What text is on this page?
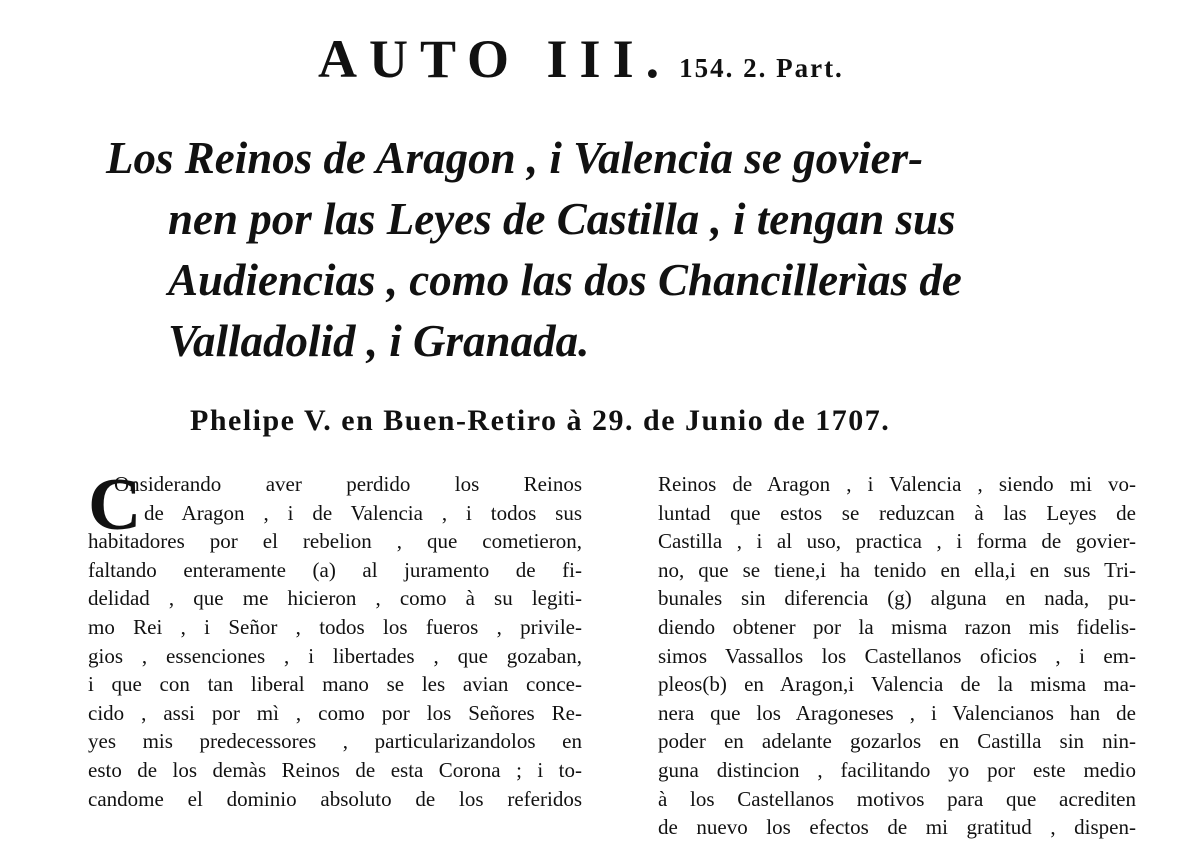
AUTO III. 154. 2. Part.
Los Reinos de Aragon , i Valencia se govier-
nen por las Leyes de Castilla , i tengan sus
Audiencias , como las dos Chancillerìas de
Valladolid , i Granada.
Phelipe V. en Buen-Retiro à 29. de Junio de 1707.
C
Onsiderando aver perdido los Reinos
de Aragon , i de Valencia , i todos sus
habitadores por el rebelion , que cometieron,
faltando enteramente (a) al juramento de fi-
delidad , que me hicieron , como à su legiti-
mo Rei , i Señor , todos los fueros , privile-
gios , essenciones , i libertades , que gozaban,
i que con tan liberal mano se les avian conce-
cido , assi por mì , como por los Señores Re-
yes mis predecessores , particularizandolos en
esto de los demàs Reinos de esta Corona ; i to-
candome el dominio absoluto de los referidos
Reinos de Aragon , i Valencia , siendo mi vo-
luntad que estos se reduzcan à las Leyes de
Castilla , i al uso, practica , i forma de govier-
no, que se tiene,i ha tenido en ella,i en sus Tri-
bunales sin diferencia (g) alguna en nada, pu-
diendo obtener por la misma razon mis fidelis-
simos Vassallos los Castellanos oficios , i em-
pleos(b) en Aragon,i Valencia de la misma ma-
nera que los Aragoneses , i Valencianos han de
poder en adelante gozarlos en Castilla sin nin-
guna distincion , facilitando yo por este medio
à los Castellanos motivos para que acrediten
de nuevo los efectos de mi gratitud , dispen-
